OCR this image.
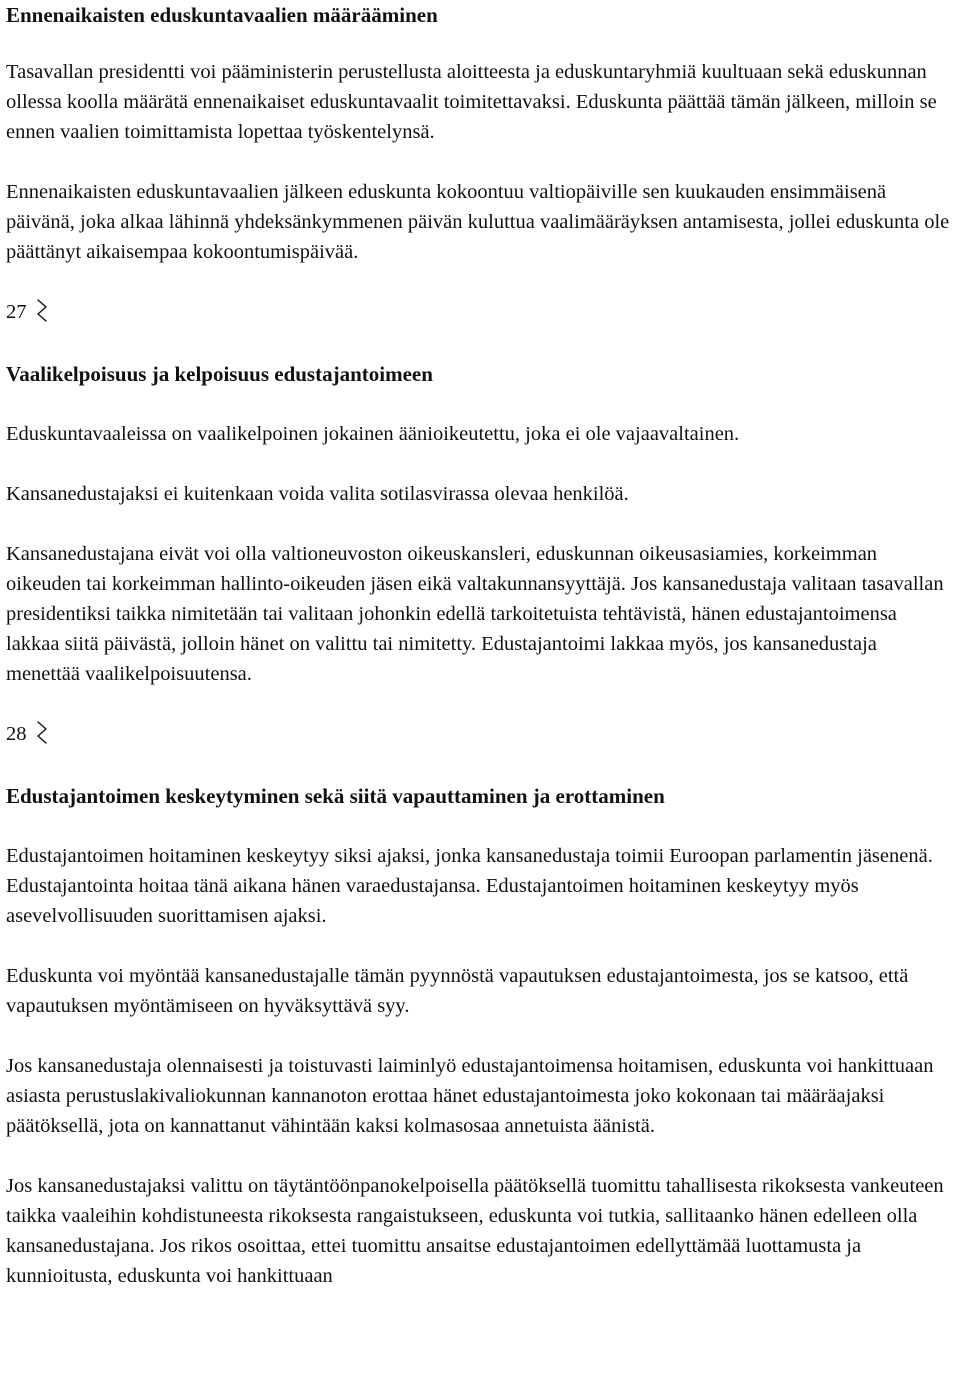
Ennenaikaisten eduskuntavaalien määrääminen

Tasavallan presidentti voi pääministerin perustellusta aloitteesta ja eduskuntaryhmiä kuultuaan sekä eduskunnan ollessa koolla määrätä ennenaikaiset eduskuntavaalit toimitettavaksi. Eduskunta päättää tämän jälkeen, milloin se ennen vaalien toimittamista lopettaa työskentelynsä.

Ennenaikaisten eduskuntavaalien jälkeen eduskunta kokoontuu valtiopäiville sen kuukauden ensimmäisenä päivänä, joka alkaa lähinnä yhdeksänkymmenen päivän kuluttua vaalimääräyksen antamisesta, jollei eduskunta ole päättänyt aikaisempaa kokoontumispäivää.

27
Vaalikelpoisuus ja kelpoisuus edustajantoimeen

Eduskuntavaaleissa on vaalikelpoinen jokainen äänioikeutettu, joka ei ole vajaavaltainen.

Kansanedustajaksi ei kuitenkaan voida valita sotilasvirassa olevaa henkilöä.

Kansanedustajana eivät voi olla valtioneuvoston oikeuskansleri, eduskunnan oikeusasiamies, korkeimman oikeuden tai korkeimman hallinto-oikeuden jäsen eikä valtakunnansyyttäjä. Jos kansanedustaja valitaan tasavallan presidentiksi taikka nimitetään tai valitaan johonkin edellä tarkoitetuista tehtävistä, hänen edustajantoimensa lakkaa siitä päivästä, jolloin hänet on valittu tai nimitetty. Edustajantoimi lakkaa myös, jos kansanedustaja menettää vaalikelpoisuutensa.

28
Edustajantoimen keskeytyminen sekä siitä vapauttaminen ja erottaminen

Edustajantoimen hoitaminen keskeytyy siksi ajaksi, jonka kansanedustaja toimii Euroopan parlamentin jäsenenä. Edustajantointa hoitaa tänä aikana hänen varaedustajansa. Edustajantoimen hoitaminen keskeytyy myös asevelvollisuuden suorittamisen ajaksi.

Eduskunta voi myöntää kansanedustajalle tämän pyynnöstä vapautuksen edustajantoimesta, jos se katsoo, että vapautuksen myöntämiseen on hyväksyttävä syy.

Jos kansanedustaja olennaisesti ja toistuvasti laiminlyö edustajantoimensa hoitamisen, eduskunta voi hankittuaan asiasta perustuslakivaliokunnan kannanoton erottaa hänet edustajantoimesta joko kokonaan tai määräajaksi päätöksellä, jota on kannattanut vähintään kaksi kolmasosaa annetuista äänistä.

Jos kansanedustajaksi valittu on täytäntöönpanokelpoisella päätöksellä tuomittu tahallisesta rikoksesta vankeuteen taikka vaaleihin kohdistuneesta rikoksesta rangaistukseen, eduskunta voi tutkia, sallitaanko hänen edelleen olla kansanedustajana. Jos rikos osoittaa, ettei tuomittu ansaitse edustajantoimen edellyttämää luottamusta ja kunnioitusta, eduskunta voi hankittuaan
